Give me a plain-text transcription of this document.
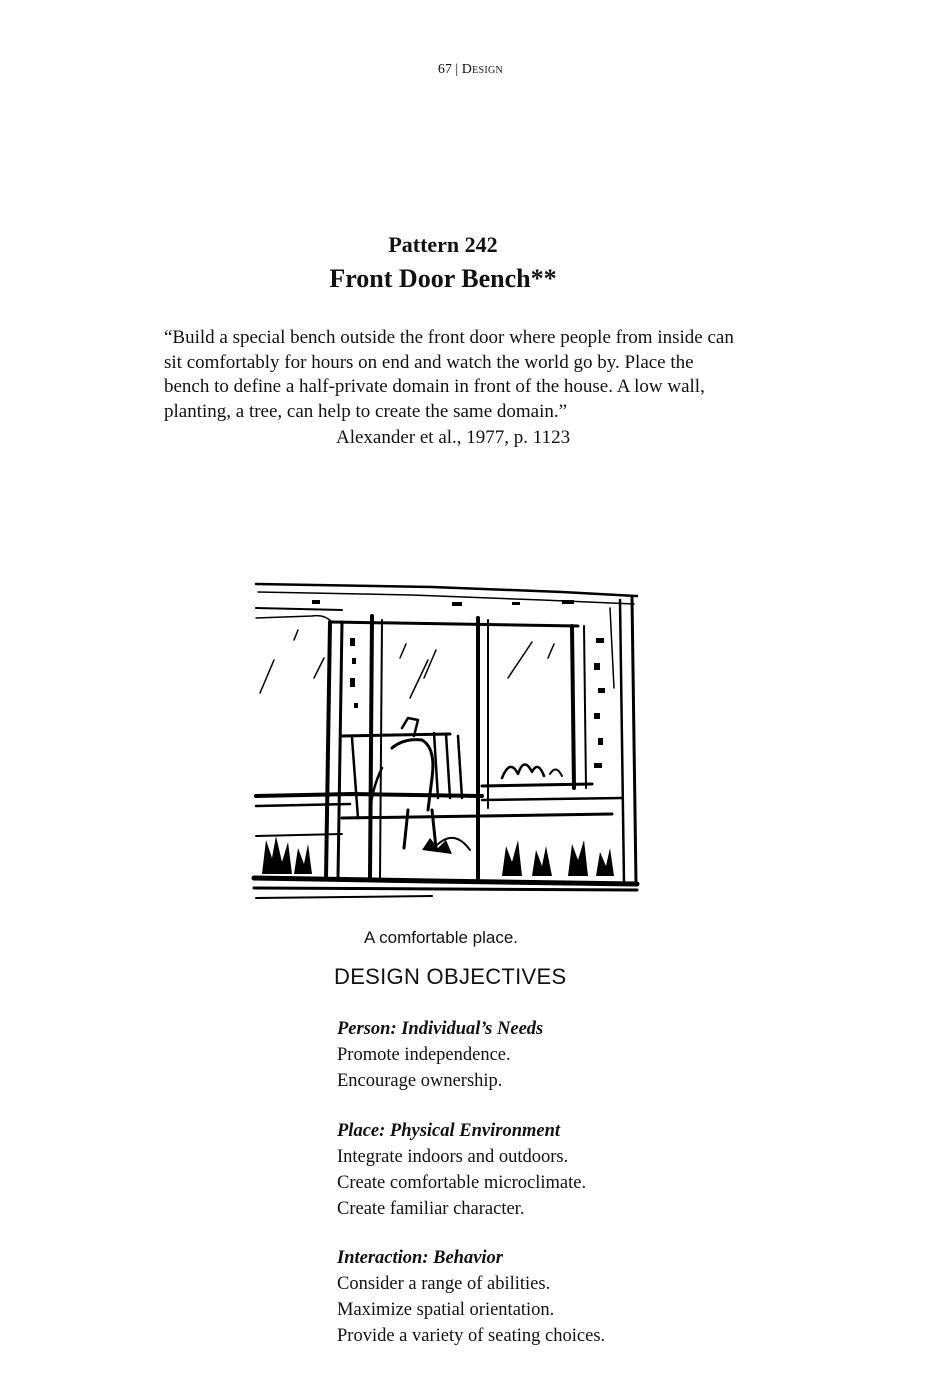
67 | Design
Pattern 242
Front Door Bench**
“Build a special bench outside the front door where people from inside can sit comfortably for hours on end and watch the world go by. Place the bench to define a half-private domain in front of the house. A low wall, planting, a tree, can help to create the same domain.”
Alexander et al., 1977, p. 1123
A comfortable place.
DESIGN OBJECTIVES
Person: Individual’s Needs
Promote independence.
Encourage ownership.
Place: Physical Environment
Integrate indoors and outdoors.
Create comfortable microclimate.
Create familiar character.
Interaction: Behavior
Consider a range of abilities.
Maximize spatial orientation.
Provide a variety of seating choices.
